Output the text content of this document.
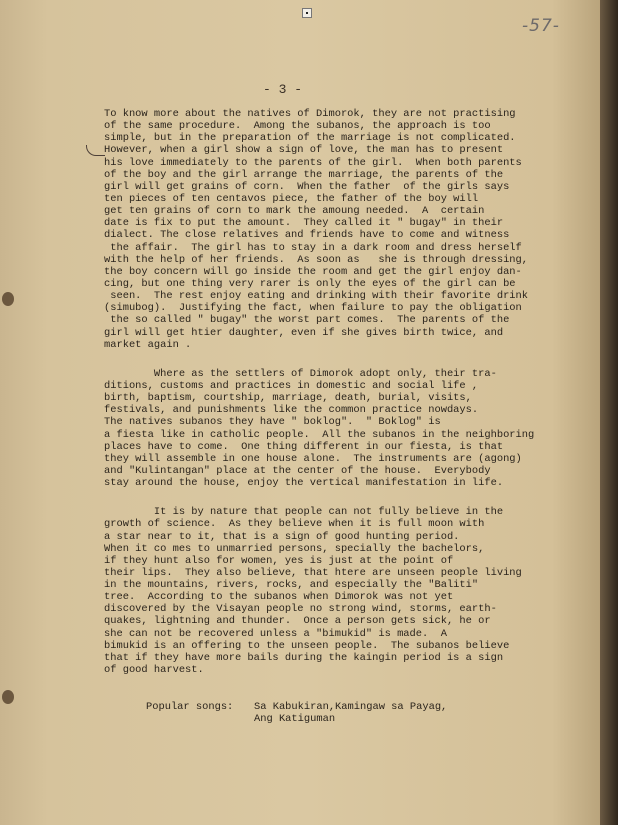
-57-
- 3 -
To know more about the natives of Dimorok, they are not practising
of the same procedure.  Among the subanos, the approach is too
simple, but in the preparation of the marriage is not complicated.
However, when a girl show a sign of love, the man has to present
his love immediately to the parents of the girl.  When both parents
of the boy and the girl arrange the marriage, the parents of the
girl will get grains of corn.  When the father  of the girls says
ten pieces of ten centavos piece, the father of the boy will
get ten grains of corn to mark the amoung needed.  A  certain
date is fix to put the amount.  They called it " bugay" in their
dialect. The close relatives and friends have to come and witness
the affair.  The girl has to stay in a dark room and dress herself
with the help of her friends.  As soon as   she is through dressing,
the boy concern will go inside the room and get the girl enjoy dan-
cing, but one thing very rarer is only the eyes of the girl can be
seen.  The rest enjoy eating and drinking with their favorite drink
(simubog).  Justifying the fact, when failure to pay the obligation
the so called " bugay" the worst part comes.  The parents of the
girl will get htier daughter, even if she gives birth twice, and
market again .
Where as the settlers of Dimorok adopt only, their tra-
ditions, customs and practices in domestic and social life ,
birth, baptism, courtship, marriage, death, burial, visits,
festivals, and punishments like the common practice nowdays.
The natives subanos they have " boklog".  " Boklog" is
a fiesta like in catholic people.  All the subanos in the neighboring
places have to come.  One thing different in our fiesta, is that
they will assemble in one house alone.  The instruments are (agong)
and "Kulintangan" place at the center of the house.  Everybody
stay around the house, enjoy the vertical manifestation in life.
It is by nature that people can not fully believe in the
growth of science.  As they believe when it is full moon with
a star near to it, that is a sign of good hunting period.
When it co mes to unmarried persons, specially the bachelors,
if they hunt also for women, yes is just at the point of
their lips.  They also believe, that htere are unseen people living
in the mountains, rivers, rocks, and especially the "Baliti"
tree.  According to the subanos when Dimorok was not yet
discovered by the Visayan people no strong wind, storms, earth-
quakes, lightning and thunder.  Once a person gets sick, he or
she can not be recovered unless a "bimukid" is made.  A
bimukid is an offering to the unseen people.  The subanos believe
that if they have more bails during the kaingin period is a sign
of good harvest.
Popular songs: Sa Kabukiran,Kamingaw sa Payag,
Ang Katiguman
